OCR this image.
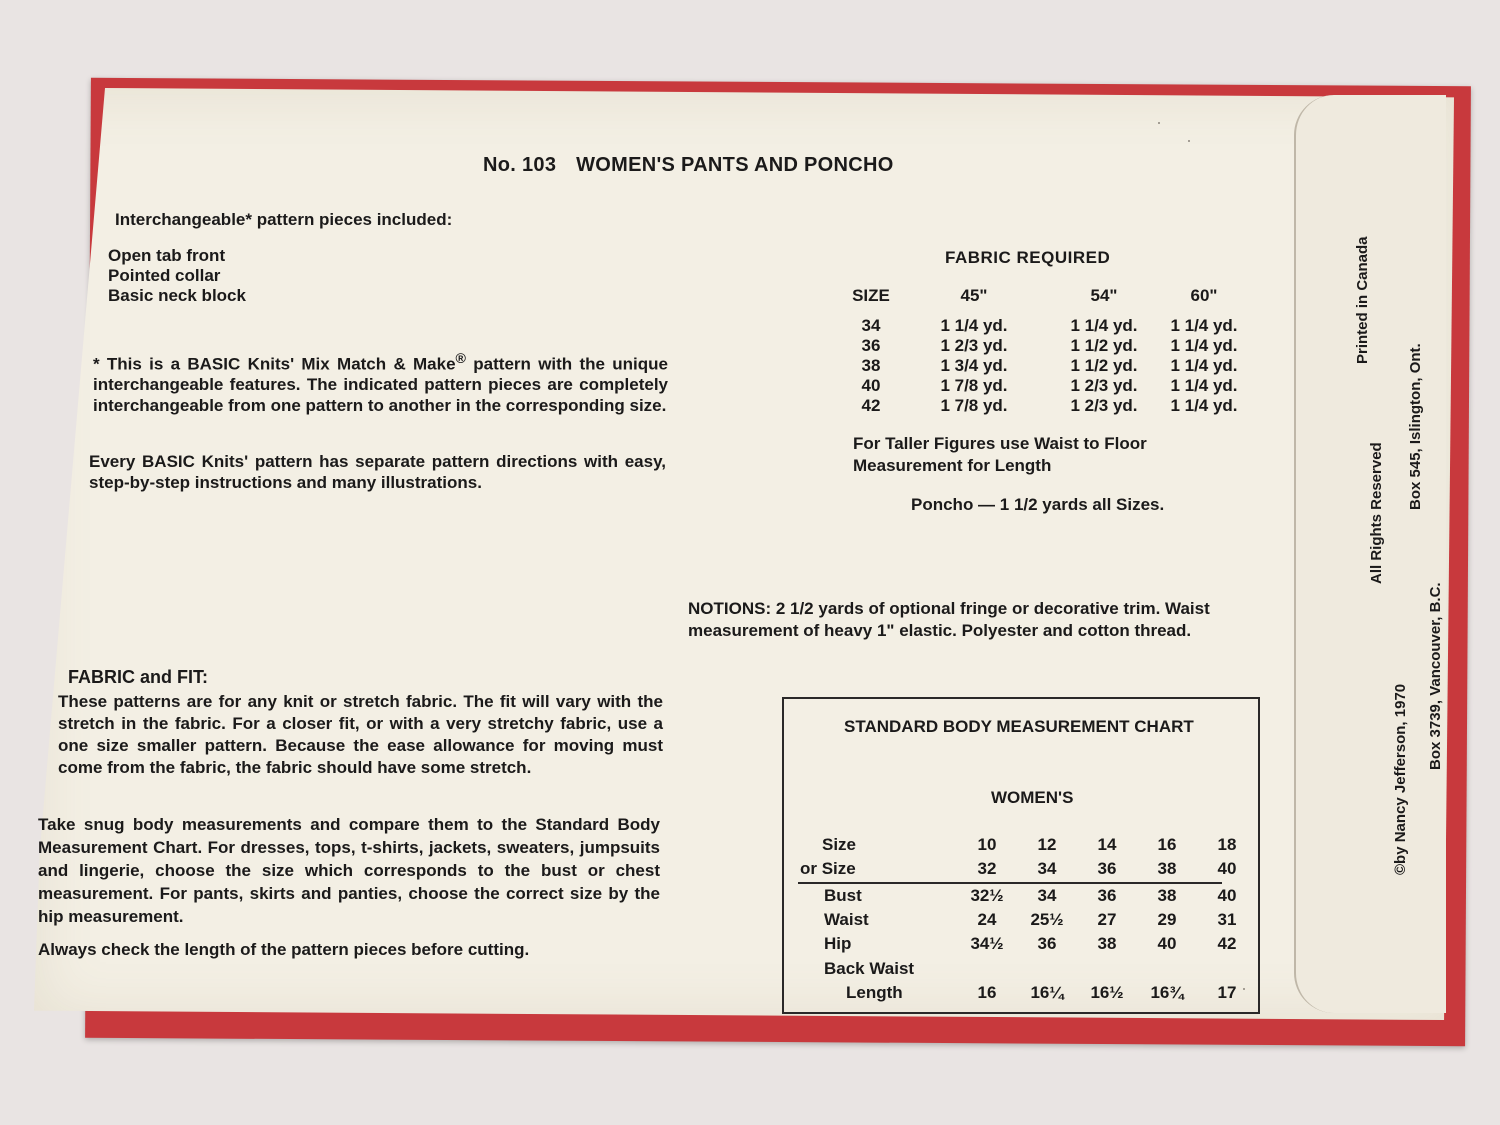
No. 103 WOMEN'S PANTS AND PONCHO
Interchangeable* pattern pieces included:
Open tab front
Pointed collar
Basic neck block
* This is a BASIC Knits' Mix Match & Make® pattern with the unique interchangeable features. The indicated pattern pieces are completely interchangeable from one pattern to another in the corresponding size.
Every BASIC Knits' pattern has separate pattern directions with easy, step-by-step instructions and many illustrations.
FABRIC and FIT:
These patterns are for any knit or stretch fabric. The fit will vary with the stretch in the fabric. For a closer fit, or with a very stretchy fabric, use a one size smaller pattern. Because the ease allowance for moving must come from the fabric, the fabric should have some stretch.
Take snug body measurements and compare them to the Standard Body Measurement Chart. For dresses, tops, t-shirts, jackets, sweaters, jumpsuits and lingerie, choose the size which corresponds to the bust or chest measurement. For pants, skirts and panties, choose the correct size by the hip measurement.
Always check the length of the pattern pieces before cutting.
FABRIC REQUIRED
SIZE	45"	54"	60"
34	1 1/4 yd.	1 1/4 yd.	1 1/4 yd.
36	1 2/3 yd.	1 1/2 yd.	1 1/4 yd.
38	1 3/4 yd.	1 1/2 yd.	1 1/4 yd.
40	1 7/8 yd.	1 2/3 yd.	1 1/4 yd.
42	1 7/8 yd.	1 2/3 yd.	1 1/4 yd.
For Taller Figures use Waist to Floor
Measurement for Length
Poncho — 1 1/2 yards all Sizes.
NOTIONS: 2 1/2 yards of optional fringe or decorative trim. Waist measurement of heavy 1" elastic. Polyester and cotton thread.
STANDARD BODY MEASUREMENT CHART
WOMEN'S
Size	10	12	14	16	18
or Size	32	34	36	38	40
Bust	32½	34	36	38	40
Waist	24	25½	27	29	31
Hip	34½	36	38	40	42
Back Waist
Length	16	16¼	16½	16¾	17
Printed in Canada
All Rights Reserved
©by Nancy Jefferson, 1970
Box 545, Islington, Ont.
Box 3739, Vancouver, B.C.
